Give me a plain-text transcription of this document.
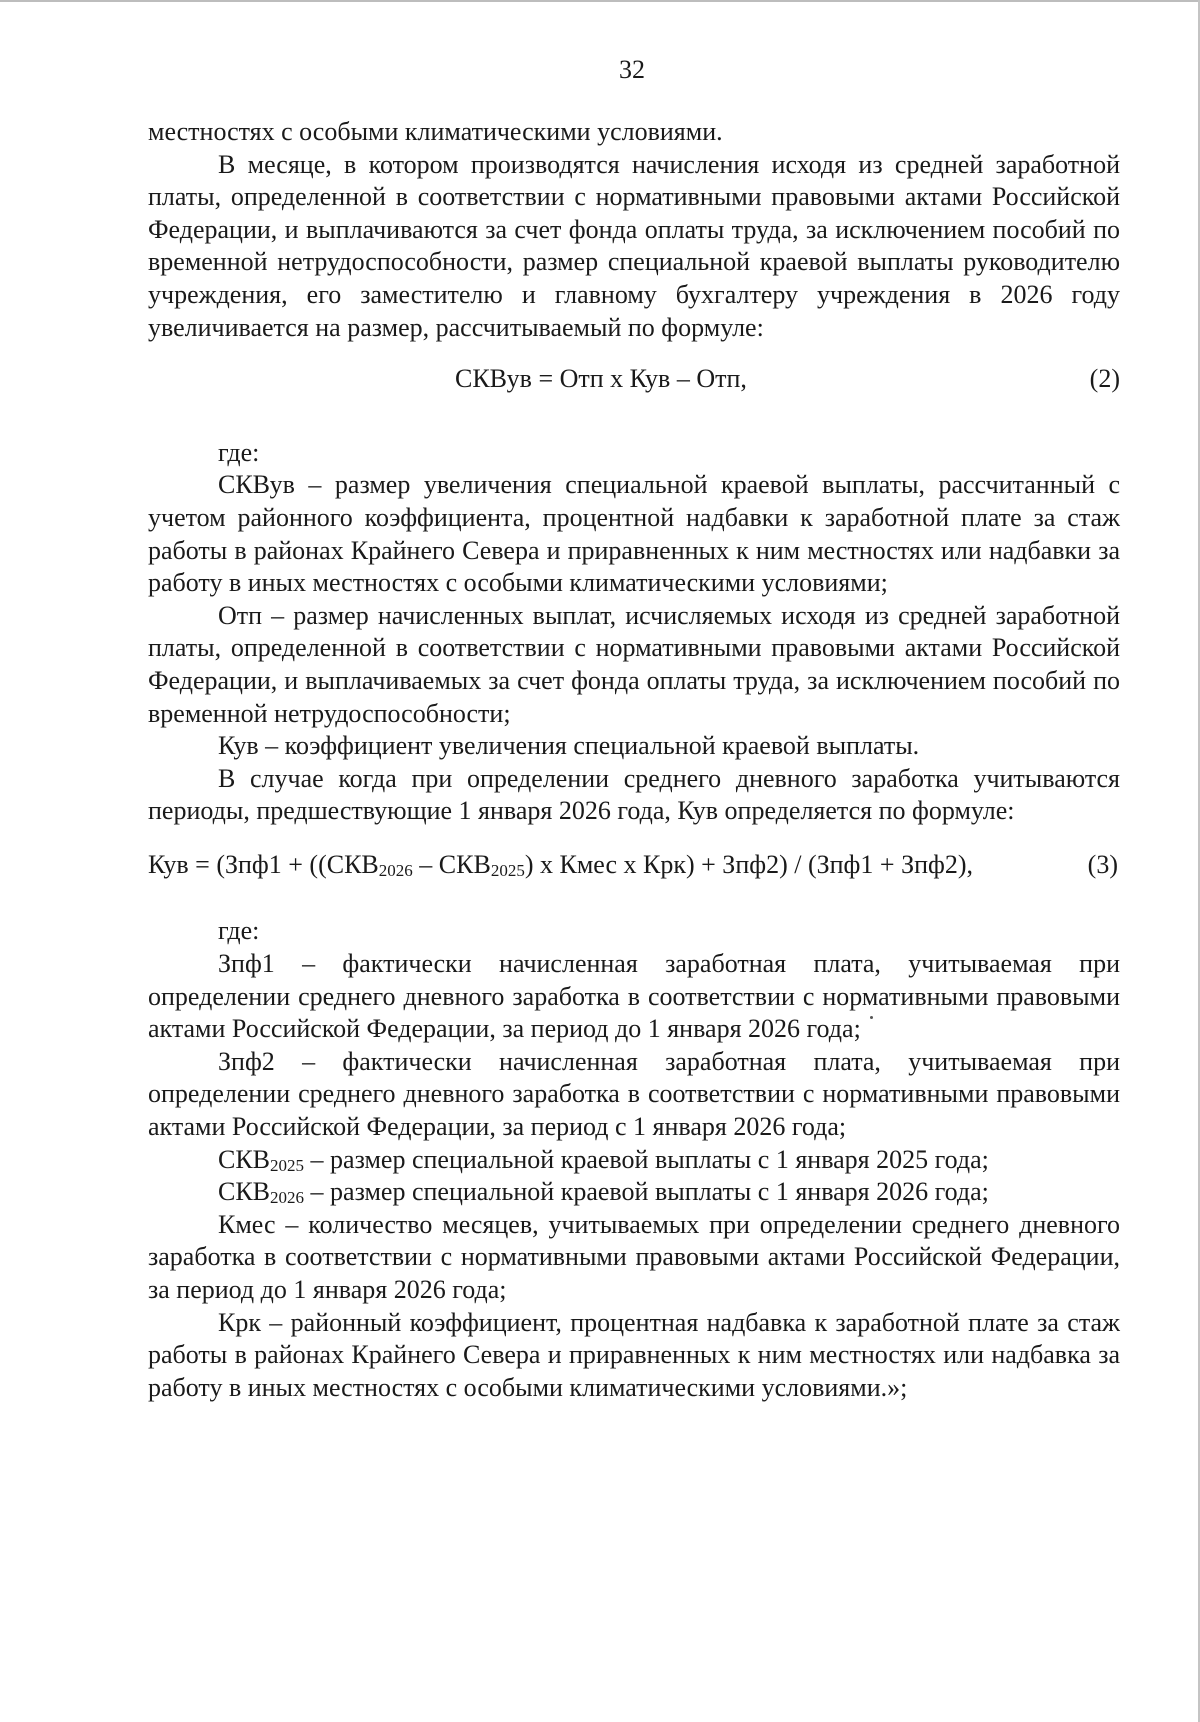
32

местностях с особыми климатическими условиями.

В месяце, в котором производятся начисления исходя из средней заработной платы, определенной в соответствии с нормативными правовыми актами Российской Федерации, и выплачиваются за счет фонда оплаты труда, за исключением пособий по временной нетрудоспособности, размер специальной краевой выплаты руководителю учреждения, его заместителю и главному бухгалтеру учреждения в 2026 году увеличивается на размер, рассчитываемый по формуле:

СКВув = Отп х Кув – Отп,	(2)

где:

СКВув – размер увеличения специальной краевой выплаты, рассчитанный с учетом районного коэффициента, процентной надбавки к заработной плате за стаж работы в районах Крайнего Севера и приравненных к ним местностях или надбавки за работу в иных местностях с особыми климатическими условиями;

Отп – размер начисленных выплат, исчисляемых исходя из средней заработной платы, определенной в соответствии с нормативными правовыми актами Российской Федерации, и выплачиваемых за счет фонда оплаты труда, за исключением пособий по временной нетрудоспособности;

Кув – коэффициент увеличения специальной краевой выплаты.

В случае когда при определении среднего дневного заработка учитываются периоды, предшествующие 1 января 2026 года, Кув определяется по формуле:

Кув = ($Зпф1 + ((СКВ_{2026} - СКВ_{2025})$ х Кмес х Крк) + Зпф2) / (Зпф1 + Зпф2),	(3)

где:

Зпф1 – фактически начисленная заработная плата, учитываемая при определении среднего дневного заработка в соответствии с нормативными правовыми актами Российской Федерации, за период до 1 января 2026 года;

Зпф2 – фактически начисленная заработная плата, учитываемая при определении среднего дневного заработка в соответствии с нормативными правовыми актами Российской Федерации, за период с 1 января 2026 года;

$СКВ_{2025}$ – размер специальной краевой выплаты с 1 января 2025 года;

$СКВ_{2026}$ – размер специальной краевой выплаты с 1 января 2026 года;

Кмес – количество месяцев, учитываемых при определении среднего дневного заработка в соответствии с нормативными правовыми актами Российской Федерации, за период до 1 января 2026 года;

Крк – районный коэффициент, процентная надбавка к заработной плате за стаж работы в районах Крайнего Севера и приравненных к ним местностях или надбавка за работу в иных местностях с особыми климатическими условиями.»;
